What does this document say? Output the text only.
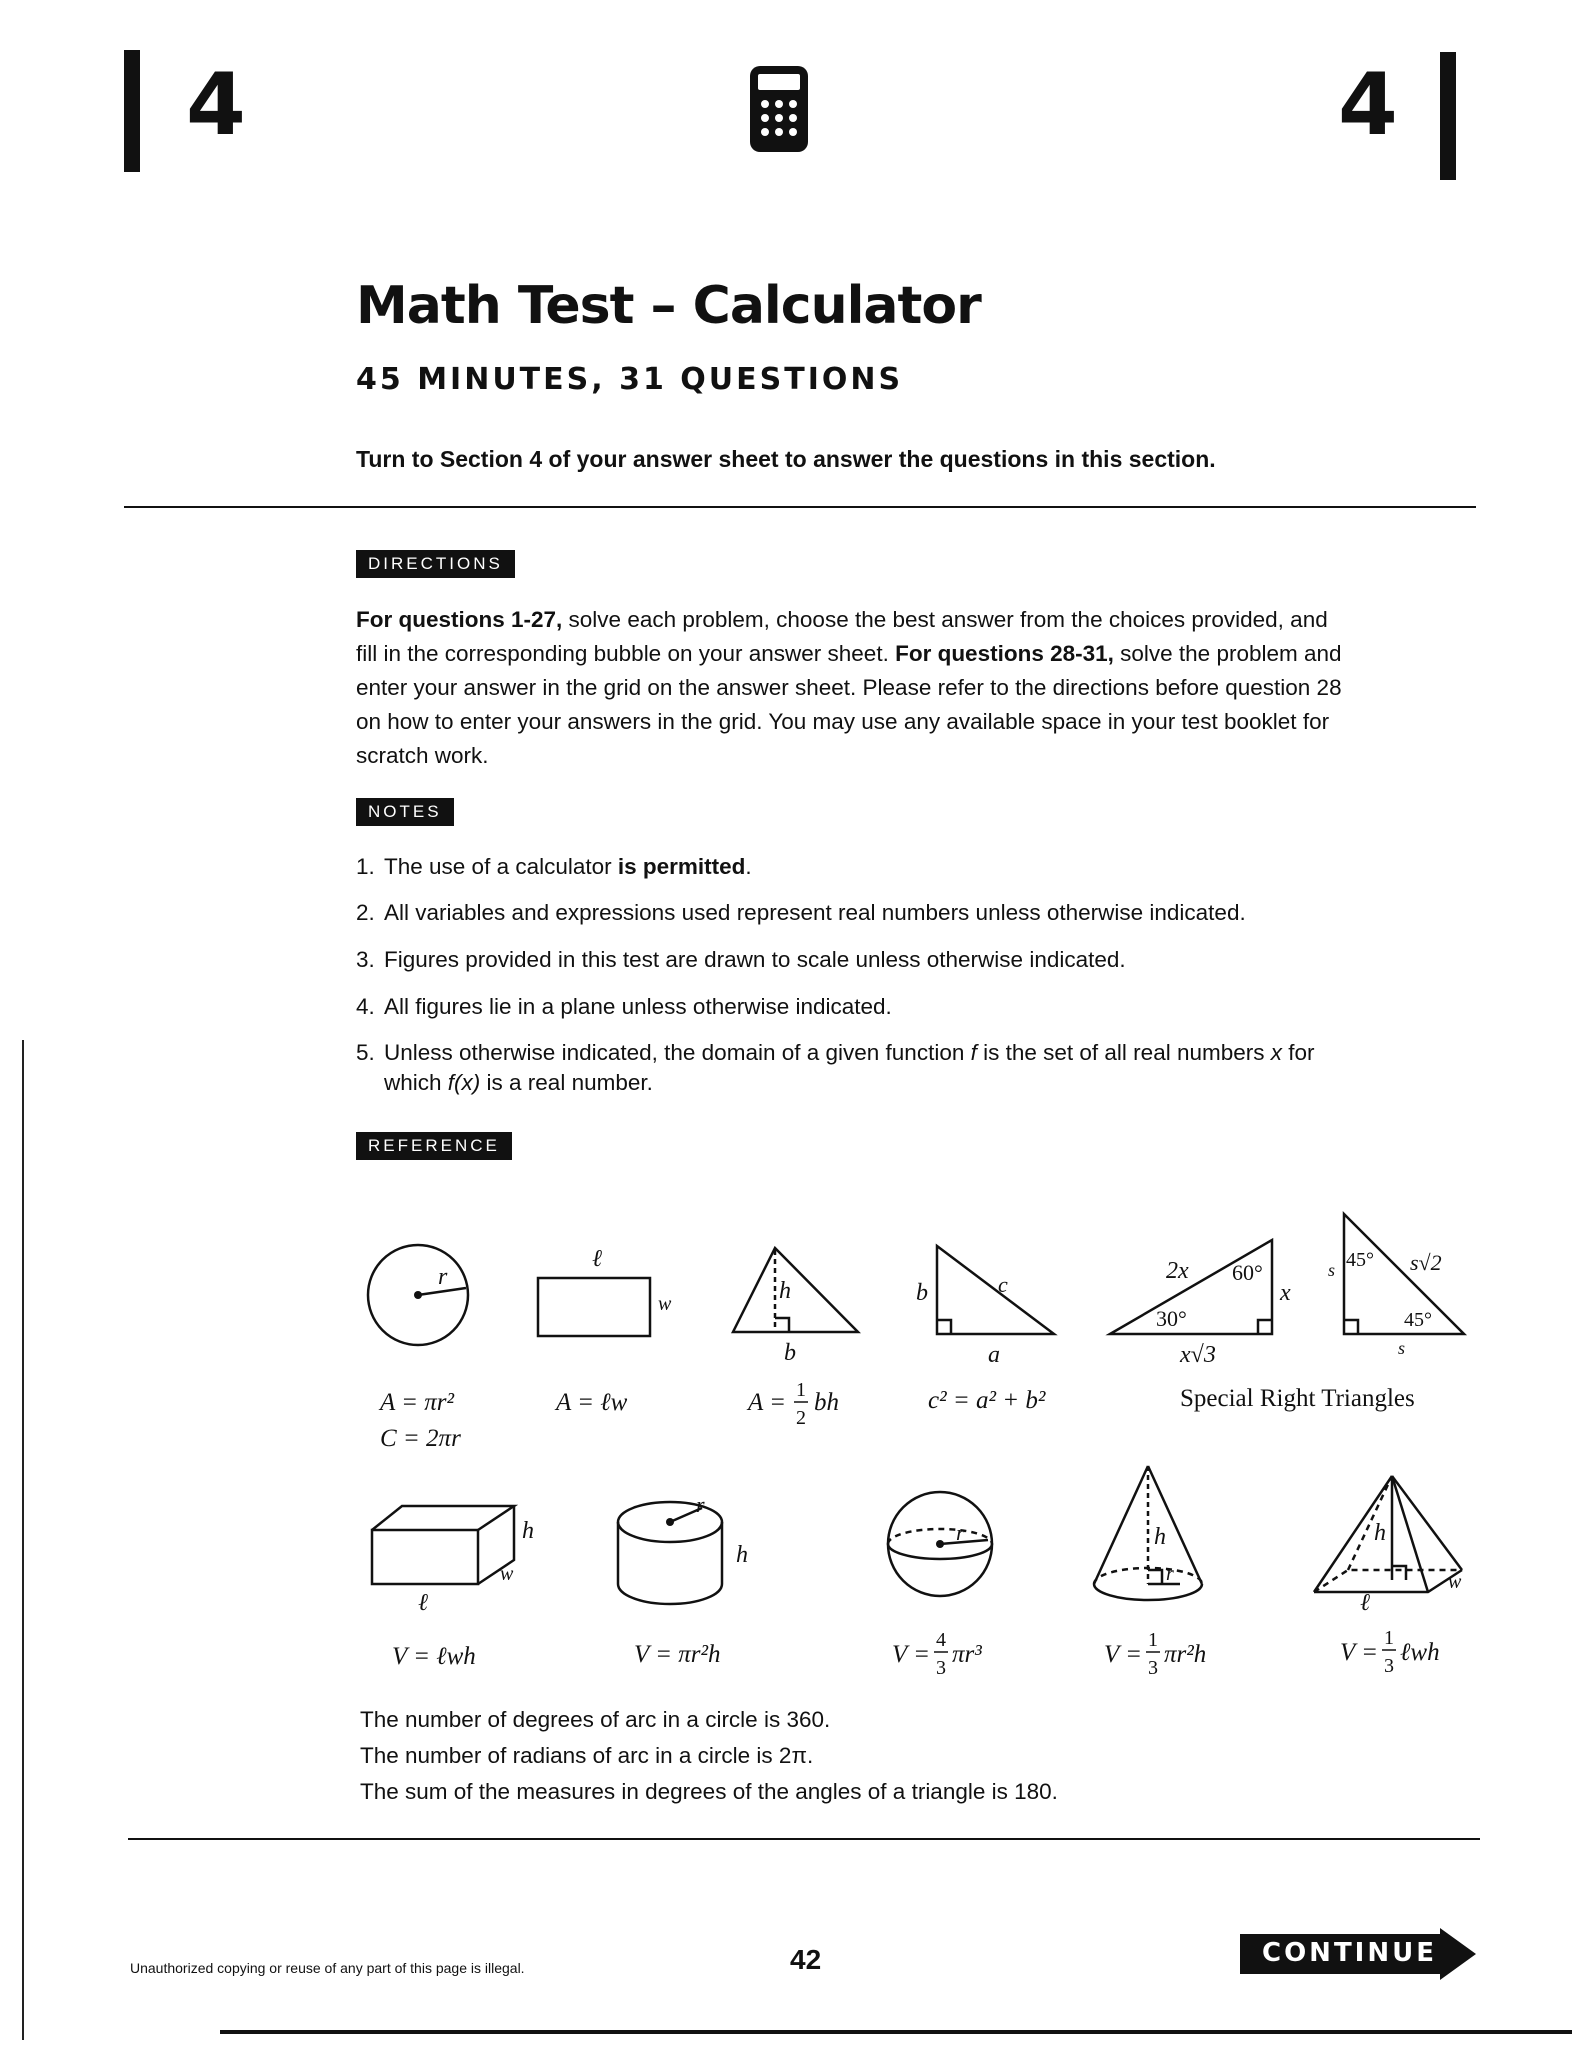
4	4
Math Test – Calculator
45 MINUTES, 31 QUESTIONS
Turn to Section 4 of your answer sheet to answer the questions in this section.
DIRECTIONS
For questions 1-27, solve each problem, choose the best answer from the choices provided, and fill in the corresponding bubble on your answer sheet. For questions 28-31, solve the problem and enter your answer in the grid on the answer sheet. Please refer to the directions before question 28 on how to enter your answers in the grid. You may use any available space in your test booklet for scratch work.
NOTES
1. The use of a calculator is permitted.
2. All variables and expressions used represent real numbers unless otherwise indicated.
3. Figures provided in this test are drawn to scale unless otherwise indicated.
4. All figures lie in a plane unless otherwise indicated.
5. Unless otherwise indicated, the domain of a given function f is the set of all real numbers x for
which f(x) is a real number.
REFERENCE
r
ℓ
w	h
b
b	c
a
2x 60°
x
30°
x√3
s 45° s√2
45°
s
h
w
ℓ
r
h
r	h
r
h
w
ℓ
A = πr²
C = 2πr
A = ℓw	A = 1
2
bh	c² = a² + b²	Special Right Triangles
V = ℓwh	V = πr²h	V =
4
3 πr³	V =
1
3 πr²h	V =
1
3 ℓwh
The number of degrees of arc in a circle is 360.
The number of radians of arc in a circle is 2π.
The sum of the measures in degrees of the angles of a triangle is 180.
Unauthorized copying or reuse of any part of this page is illegal.	42	CONTINUE
